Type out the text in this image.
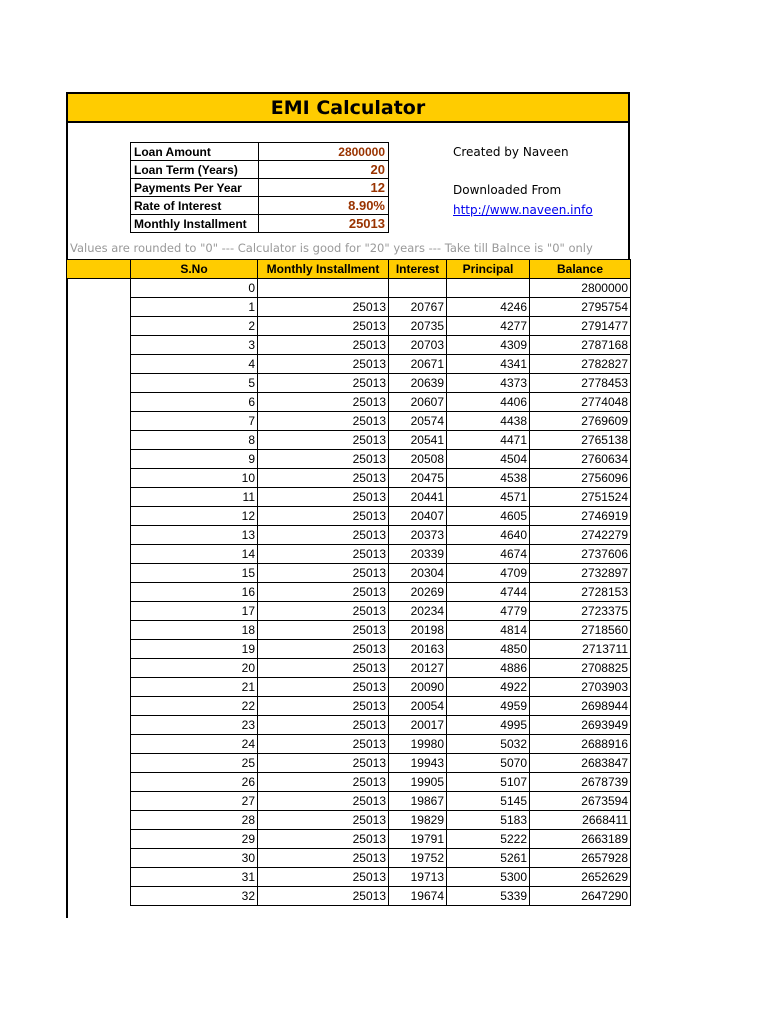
EMI Calculator
Loan Amount	2800000
Loan Term (Years)	20
Payments Per Year	12
Rate of Interest	8.90%
Monthly Installment	25013
Created by Naveen
Downloaded From
http://www.naveen.info
Values are rounded to "0" --- Calculator is good for "20" years --- Take till Balnce is "0" only
	S.No	Monthly Installment	Interest	Principal	Balance
	0				2800000
	1	25013	20767	4246	2795754
	2	25013	20735	4277	2791477
	3	25013	20703	4309	2787168
	4	25013	20671	4341	2782827
	5	25013	20639	4373	2778453
	6	25013	20607	4406	2774048
	7	25013	20574	4438	2769609
	8	25013	20541	4471	2765138
	9	25013	20508	4504	2760634
	10	25013	20475	4538	2756096
	11	25013	20441	4571	2751524
	12	25013	20407	4605	2746919
	13	25013	20373	4640	2742279
	14	25013	20339	4674	2737606
	15	25013	20304	4709	2732897
	16	25013	20269	4744	2728153
	17	25013	20234	4779	2723375
	18	25013	20198	4814	2718560
	19	25013	20163	4850	2713711
	20	25013	20127	4886	2708825
	21	25013	20090	4922	2703903
	22	25013	20054	4959	2698944
	23	25013	20017	4995	2693949
	24	25013	19980	5032	2688916
	25	25013	19943	5070	2683847
	26	25013	19905	5107	2678739
	27	25013	19867	5145	2673594
	28	25013	19829	5183	2668411
	29	25013	19791	5222	2663189
	30	25013	19752	5261	2657928
	31	25013	19713	5300	2652629
	32	25013	19674	5339	2647290
